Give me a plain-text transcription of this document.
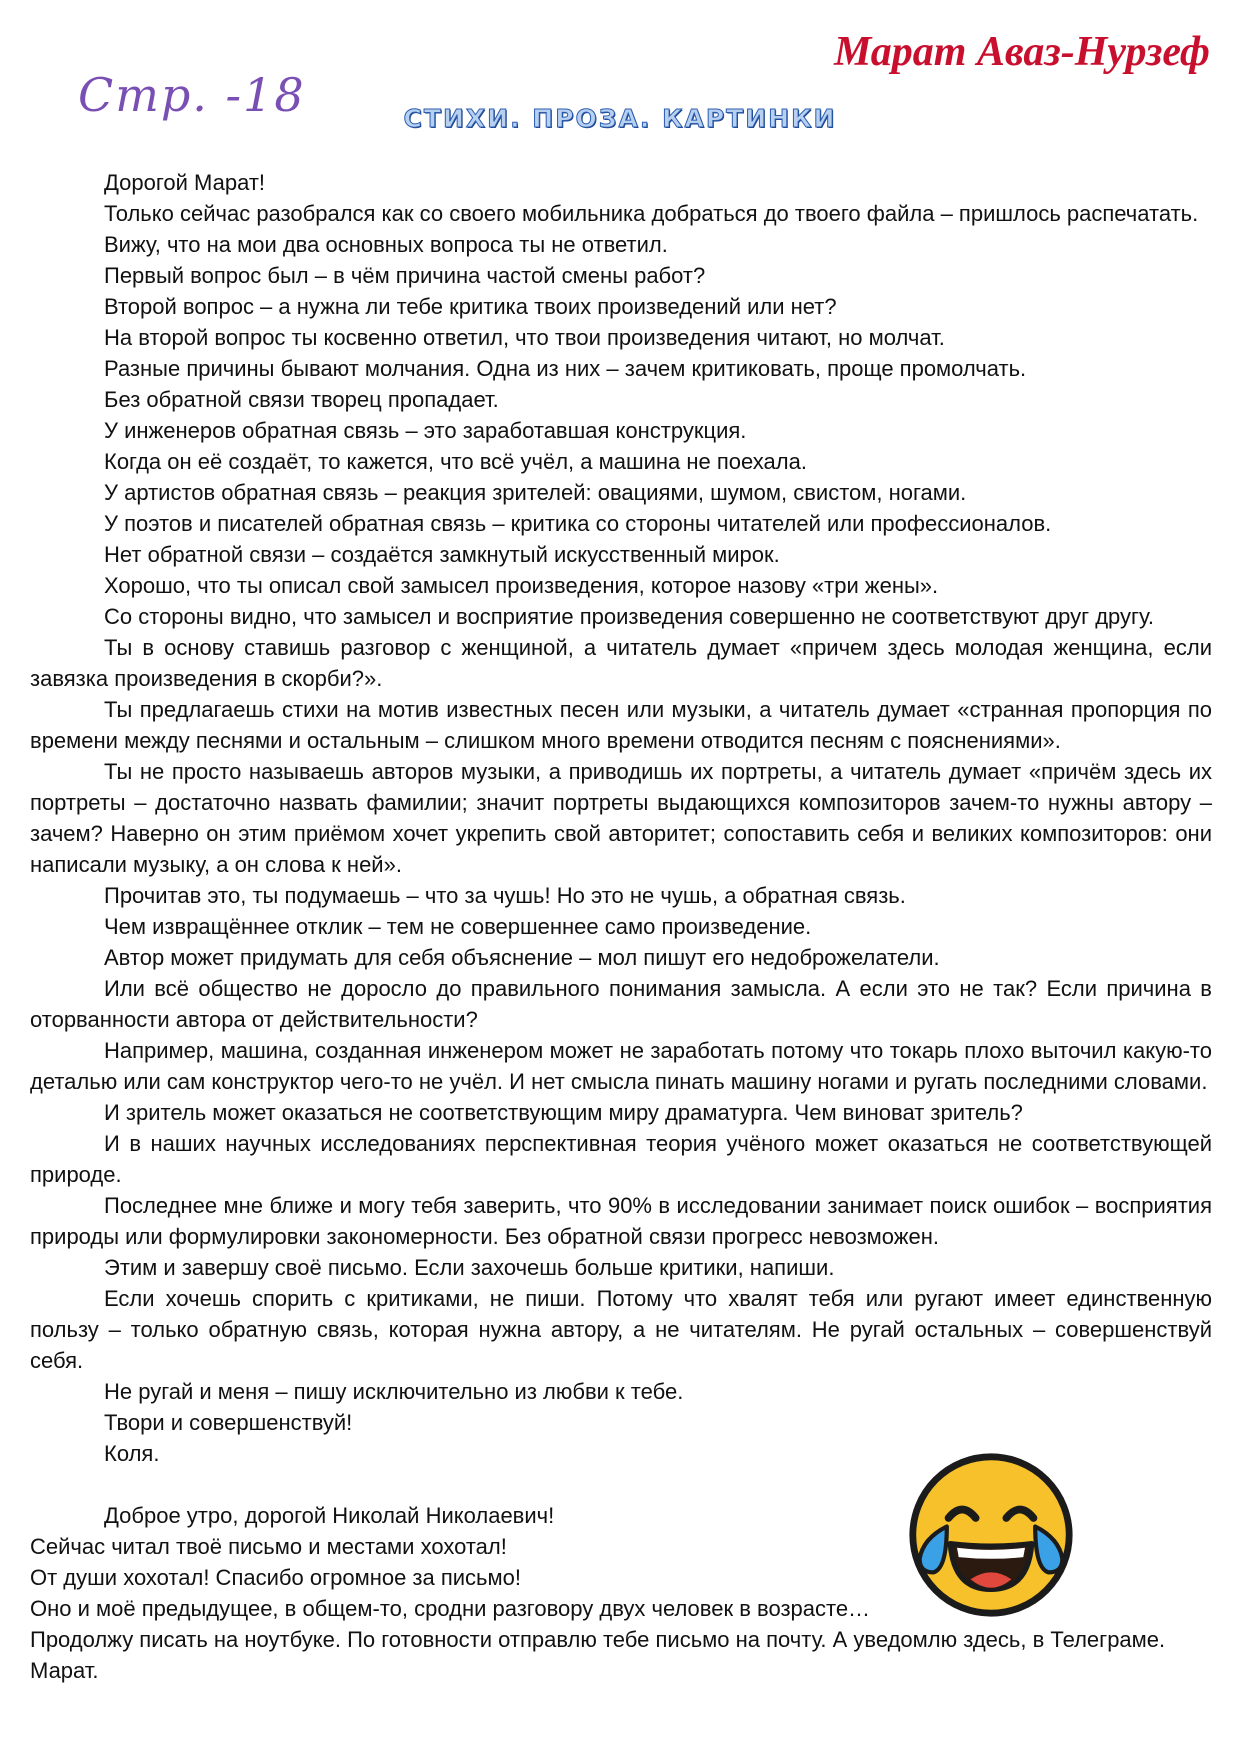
Стр. -18
Марат Аваз-Нурзеф
СТИХИ. ПРОЗА. КАРТИНКИ

Дорогой Марат!

Только сейчас разобрался как со своего мобильника добраться до твоего файла – пришлось распечатать.

Вижу, что на мои два основных вопроса ты не ответил.

Первый вопрос был – в чём причина частой смены работ?

Второй вопрос – а нужна ли тебе критика твоих произведений или нет?

На второй вопрос ты косвенно ответил, что твои произведения читают, но молчат.

Разные причины бывают молчания. Одна из них – зачем критиковать, проще промолчать.

Без обратной связи творец пропадает.

У инженеров обратная связь – это заработавшая конструкция.

Когда он её создаёт, то кажется, что всё учёл, а машина не поехала.

У артистов обратная связь – реакция зрителей: овациями, шумом, свистом, ногами.

У поэтов и писателей обратная связь – критика со стороны читателей или профессионалов.

Нет обратной связи – создаётся замкнутый искусственный мирок.

Хорошо, что ты описал свой замысел произведения, которое назову «три жены».

Со стороны видно, что замысел и восприятие произведения совершенно не соответствуют друг другу.

Ты в основу ставишь разговор с женщиной, а читатель думает «причем здесь молодая женщина, если завязка произведения в скорби?».

Ты предлагаешь стихи на мотив известных песен или музыки, а читатель думает «странная пропорция по времени между песнями и остальным – слишком много времени отводится песням с пояснениями».

Ты не просто называешь авторов музыки, а приводишь их портреты, а читатель думает «причём здесь их портреты – достаточно назвать фамилии; значит портреты выдающихся композиторов зачем-то нужны автору – зачем? Наверно он этим приёмом хочет укрепить свой авторитет; сопоставить себя и великих композиторов: они написали музыку, а он слова к ней».

Прочитав это, ты подумаешь – что за чушь! Но это не чушь, а обратная связь.

Чем извращённее отклик – тем не совершеннее само произведение.

Автор может придумать для себя объяснение – мол пишут его недоброжелатели.

Или всё общество не доросло до правильного понимания замысла. А если это не так? Если причина в оторванности автора от действительности?

Например, машина, созданная инженером может не заработать потому что токарь плохо выточил какую-то деталью или сам конструктор чего-то не учёл. И нет смысла пинать машину ногами и ругать последними словами.

И зритель может оказаться не соответствующим миру драматурга. Чем виноват зритель?

И в наших научных исследованиях перспективная теория учёного может оказаться не соответствующей природе.

Последнее мне ближе и могу тебя заверить, что 90% в исследовании занимает поиск ошибок – восприятия природы или формулировки закономерности. Без обратной связи прогресс невозможен.

Этим и завершу своё письмо. Если захочешь больше критики, напиши.

Если хочешь спорить с критиками, не пиши. Потому что хвалят тебя или ругают имеет единственную пользу – только обратную связь, которая нужна автору, а не читателям. Не ругай остальных – совершенствуй себя.

Не ругай и меня – пишу исключительно из любви к тебе.

Твори и совершенствуй!

Коля.

Доброе утро, дорогой Николай Николаевич!

Сейчас читал твоё письмо и местами хохотал!

От души хохотал! Спасибо огромное за письмо!

Оно и моё предыдущее, в общем-то, сродни разговору двух человек в возрасте…

Продолжу писать на ноутбуке. По готовности отправлю тебе письмо на почту. А уведомлю здесь, в Телеграме.

Марат.
